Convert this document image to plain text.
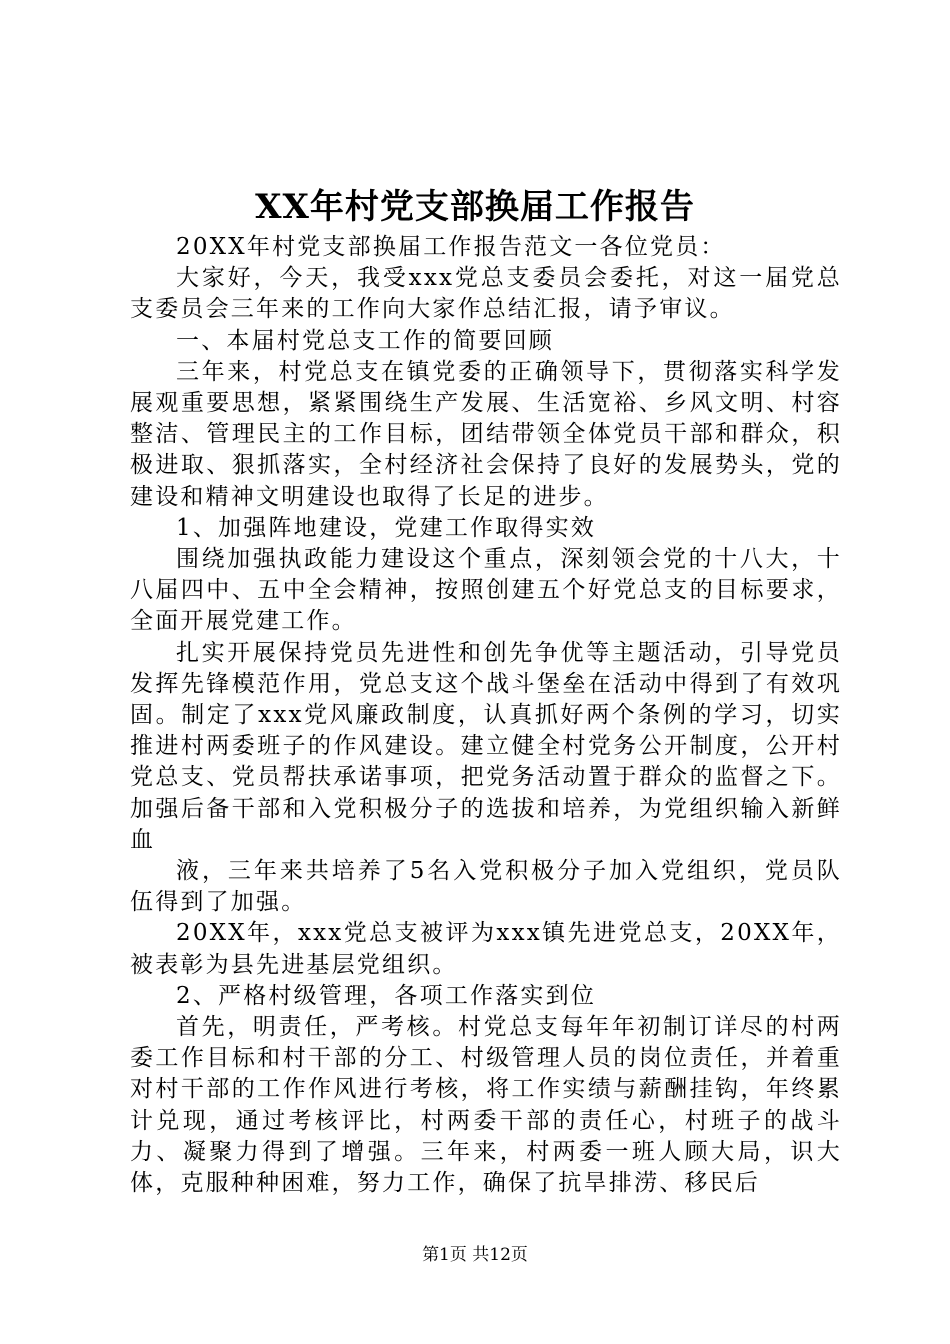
XX年村党支部换届工作报告

20XX年村党支部换届工作报告范文一各位党员：

大家好，今天，我受xxx党总支委员会委托，对这一届党总支委员会三年来的工作向大家作总结汇报，请予审议。

一、本届村党总支工作的简要回顾

三年来，村党总支在镇党委的正确领导下，贯彻落实科学发展观重要思想，紧紧围绕生产发展、生活宽裕、乡风文明、村容整洁、管理民主的工作目标，团结带领全体党员干部和群众，积极进取、狠抓落实，全村经济社会保持了良好的发展势头，党的建设和精神文明建设也取得了长足的进步。

1、加强阵地建设，党建工作取得实效

围绕加强执政能力建设这个重点，深刻领会党的十八大，十八届四中、五中全会精神，按照创建五个好党总支的目标要求，全面开展党建工作。

扎实开展保持党员先进性和创先争优等主题活动，引导党员发挥先锋模范作用，党总支这个战斗堡垒在活动中得到了有效巩固。制定了xxx党风廉政制度，认真抓好两个条例的学习，切实推进村两委班子的作风建设。建立健全村党务公开制度，公开村党总支、党员帮扶承诺事项，把党务活动置于群众的监督之下。加强后备干部和入党积极分子的选拔和培养，为党组织输入新鲜血

液，三年来共培养了5名入党积极分子加入党组织，党员队伍得到了加强。

20XX年，xxx党总支被评为xxx镇先进党总支，20XX年，被表彰为县先进基层党组织。

2、严格村级管理，各项工作落实到位

首先，明责任，严考核。村党总支每年年初制订详尽的村两委工作目标和村干部的分工、村级管理人员的岗位责任，并着重对村干部的工作作风进行考核，将工作实绩与薪酬挂钩，年终累计兑现，通过考核评比，村两委干部的责任心，村班子的战斗力、凝聚力得到了增强。三年来，村两委一班人顾大局，识大体，克服种种困难，努力工作，确保了抗旱排涝、移民后

第1页 共12页
